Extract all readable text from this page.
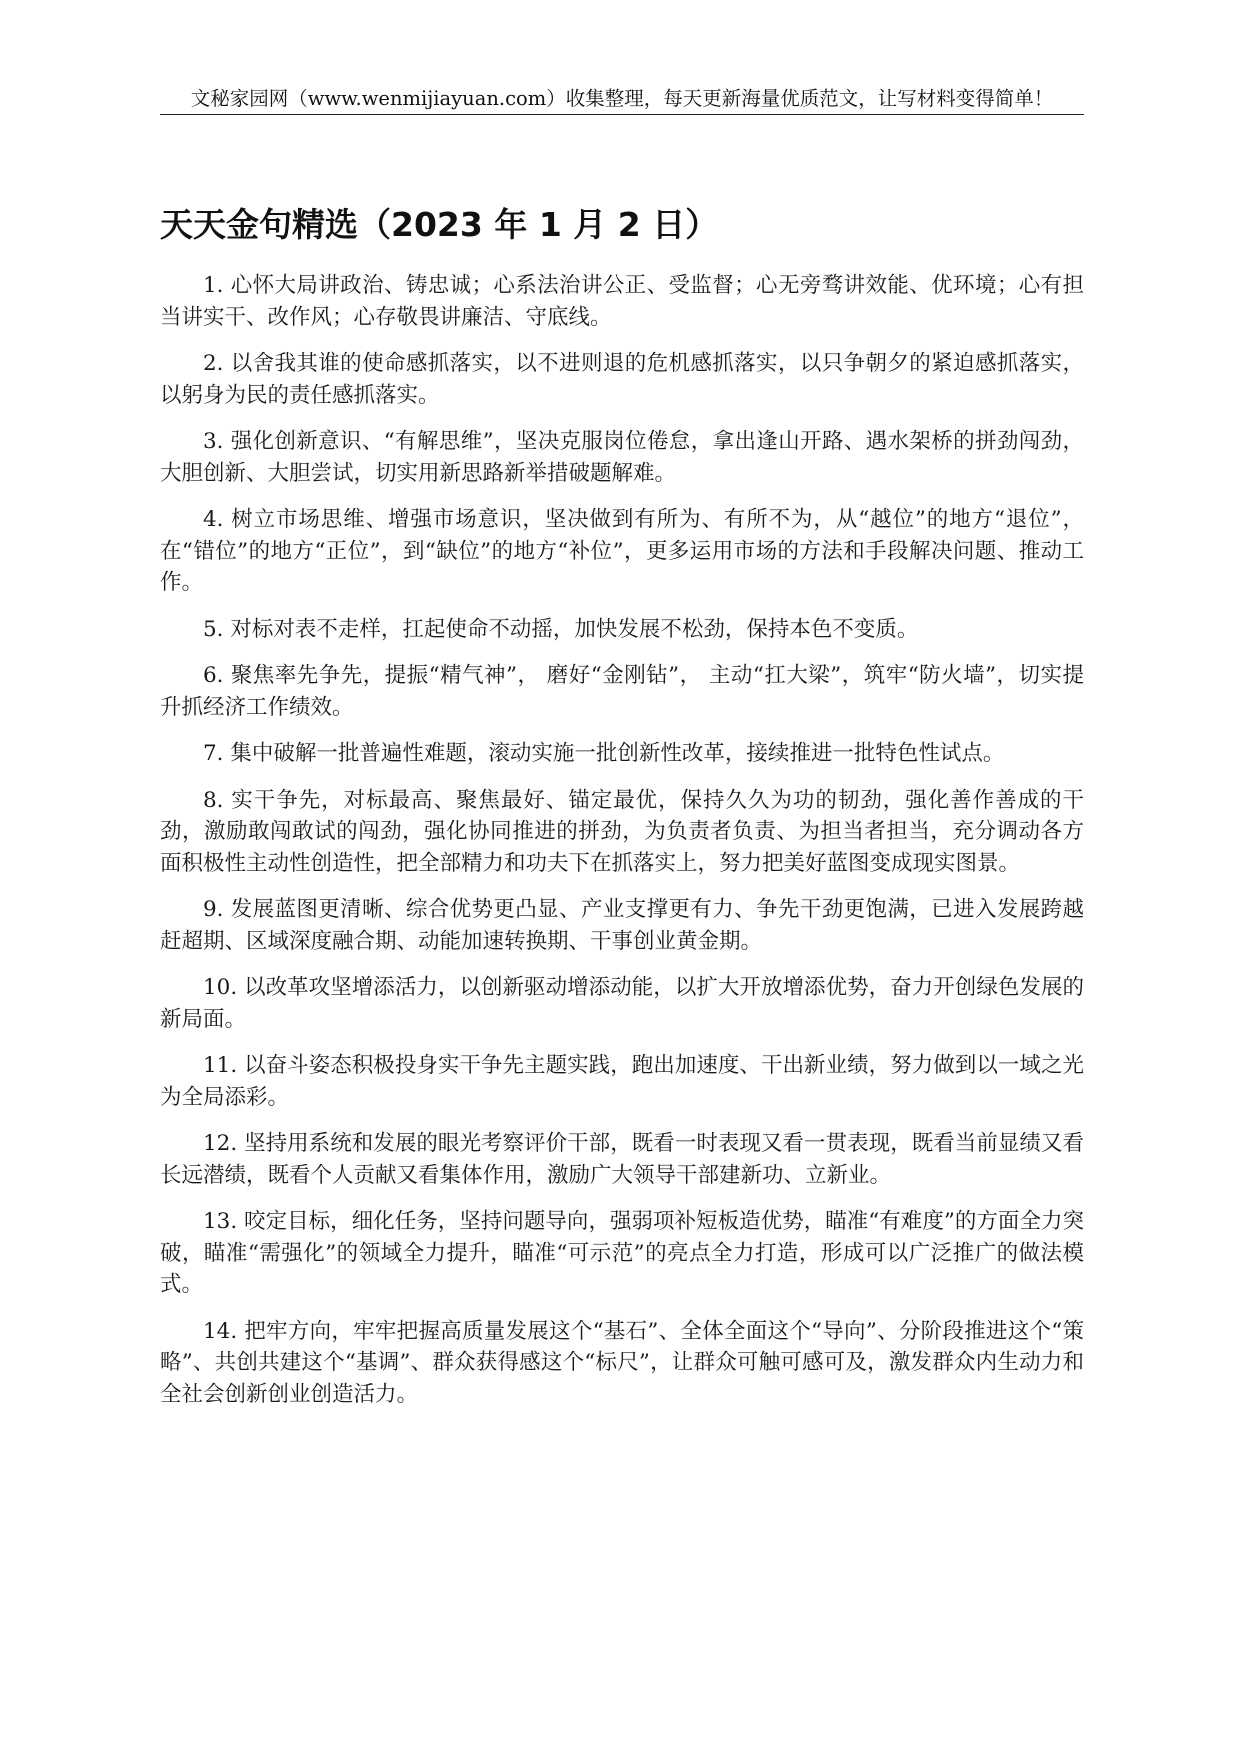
文秘家园网（www.wenmijiayuan.com）收集整理，每天更新海量优质范文，让写材料变得简单！
天天金句精选（2023 年 1 月 2 日）

1. 心怀大局讲政治、铸忠诚；心系法治讲公正、受监督；心无旁骛讲效能、优环境；心有担当讲实干、改作风；心存敬畏讲廉洁、守底线。

2. 以舍我其谁的使命感抓落实，以不进则退的危机感抓落实，以只争朝夕的紧迫感抓落实，以躬身为民的责任感抓落实。

3. 强化创新意识、“有解思维”，坚决克服岗位倦怠，拿出逢山开路、遇水架桥的拼劲闯劲，大胆创新、大胆尝试，切实用新思路新举措破题解难。

4. 树立市场思维、增强市场意识，坚决做到有所为、有所不为，从“越位”的地方“退位”，在“错位”的地方“正位”，到“缺位”的地方“补位”，更多运用市场的方法和手段解决问题、推动工作。

5. 对标对表不走样，扛起使命不动摇，加快发展不松劲，保持本色不变质。

6. 聚焦率先争先，提振“精气神”， 磨好“金刚钻”， 主动“扛大梁”，筑牢“防火墙”，切实提升抓经济工作绩效。

7. 集中破解一批普遍性难题，滚动实施一批创新性改革，接续推进一批特色性试点。

8. 实干争先，对标最高、聚焦最好、锚定最优，保持久久为功的韧劲，强化善作善成的干劲，激励敢闯敢试的闯劲，强化协同推进的拼劲，为负责者负责、为担当者担当，充分调动各方面积极性主动性创造性，把全部精力和功夫下在抓落实上，努力把美好蓝图变成现实图景。

9. 发展蓝图更清晰、综合优势更凸显、产业支撑更有力、争先干劲更饱满，已进入发展跨越赶超期、区域深度融合期、动能加速转换期、干事创业黄金期。

10. 以改革攻坚增添活力，以创新驱动增添动能，以扩大开放增添优势，奋力开创绿色发展的新局面。

11. 以奋斗姿态积极投身实干争先主题实践，跑出加速度、干出新业绩，努力做到以一域之光为全局添彩。

12. 坚持用系统和发展的眼光考察评价干部，既看一时表现又看一贯表现，既看当前显绩又看长远潜绩，既看个人贡献又看集体作用，激励广大领导干部建新功、立新业。

13. 咬定目标，细化任务，坚持问题导向，强弱项补短板造优势，瞄准“有难度”的方面全力突破，瞄准“需强化”的领域全力提升，瞄准“可示范”的亮点全力打造，形成可以广泛推广的做法模式。

14. 把牢方向，牢牢把握高质量发展这个“基石”、全体全面这个“导向”、分阶段推进这个“策略”、共创共建这个“基调”、群众获得感这个“标尺”，让群众可触可感可及，激发群众内生动力和全社会创新创业创造活力。
